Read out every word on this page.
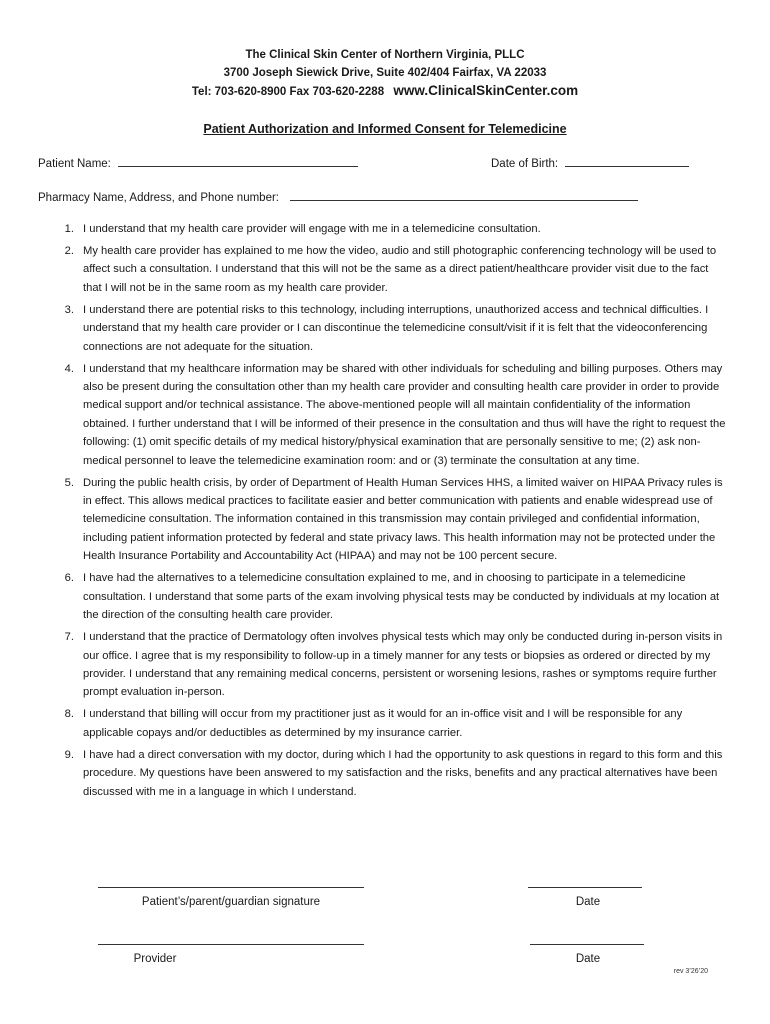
The Clinical Skin Center of Northern Virginia, PLLC
3700 Joseph Siewick Drive, Suite 402/404 Fairfax, VA 22033
Tel: 703-620-8900 Fax 703-620-2288 www.ClinicalSkinCenter.com
Patient Authorization and Informed Consent for Telemedicine
Patient Name:	Date of Birth:
Pharmacy Name, Address, and Phone number:
1. I understand that my health care provider will engage with me in a telemedicine consultation.
2. My health care provider has explained to me how the video, audio and still photographic conferencing technology will be used to affect such a consultation. I understand that this will not be the same as a direct patient/healthcare provider visit due to the fact that I will not be in the same room as my health care provider.
3. I understand there are potential risks to this technology, including interruptions, unauthorized access and technical difficulties. I understand that my health care provider or I can discontinue the telemedicine consult/visit if it is felt that the videoconferencing connections are not adequate for the situation.
4. I understand that my healthcare information may be shared with other individuals for scheduling and billing purposes. Others may also be present during the consultation other than my health care provider and consulting health care provider in order to provide medical support and/or technical assistance. The above-mentioned people will all maintain confidentiality of the information obtained. I further understand that I will be informed of their presence in the consultation and thus will have the right to request the following: (1) omit specific details of my medical history/physical examination that are personally sensitive to me; (2) ask non-medical personnel to leave the telemedicine examination room: and or (3) terminate the consultation at any time.
5. During the public health crisis, by order of Department of Health Human Services HHS, a limited waiver on HIPAA Privacy rules is in effect. This allows medical practices to facilitate easier and better communication with patients and enable widespread use of telemedicine consultation. The information contained in this transmission may contain privileged and confidential information, including patient information protected by federal and state privacy laws. This health information may not be protected under the Health Insurance Portability and Accountability Act (HIPAA) and may not be 100 percent secure.
6. I have had the alternatives to a telemedicine consultation explained to me, and in choosing to participate in a telemedicine consultation. I understand that some parts of the exam involving physical tests may be conducted by individuals at my location at the direction of the consulting health care provider.
7. I understand that the practice of Dermatology often involves physical tests which may only be conducted during in-person visits in our office. I agree that is my responsibility to follow-up in a timely manner for any tests or biopsies as ordered or directed by my provider. I understand that any remaining medical concerns, persistent or worsening lesions, rashes or symptoms require further prompt evaluation in-person.
8. I understand that billing will occur from my practitioner just as it would for an in-office visit and I will be responsible for any applicable copays and/or deductibles as determined by my insurance carrier.
9. I have had a direct conversation with my doctor, during which I had the opportunity to ask questions in regard to this form and this procedure. My questions have been answered to my satisfaction and the risks, benefits and any practical alternatives have been discussed with me in a language in which I understand.
Patient’s/parent/guardian signature	Date
Provider	Date
rev 3’26’20
